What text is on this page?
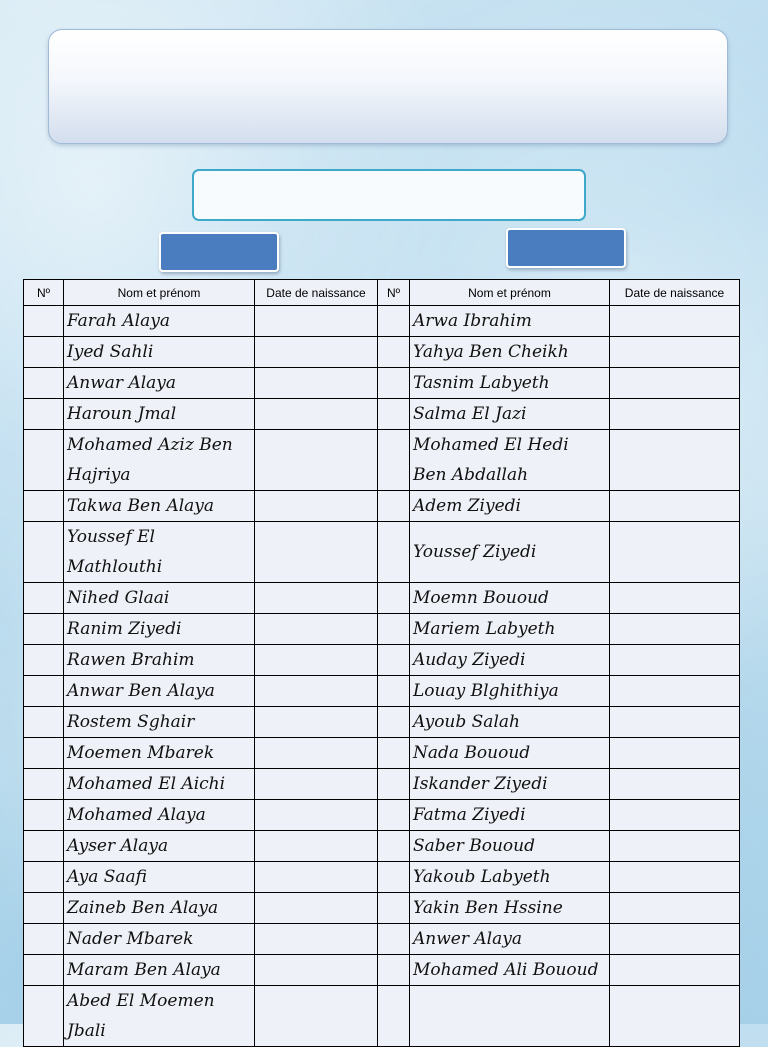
Nº	Nom et prénom	Date de naissance	Nº	Nom et prénom	Date de naissance
	Farah Alaya			Arwa Ibrahim	
	Iyed Sahli			Yahya Ben Cheikh	
	Anwar Alaya			Tasnim Labyeth	
	Haroun Jmal			Salma El Jazi	
	Mohamed Aziz Ben Hajriya			Mohamed El Hedi Ben Abdallah	
	Takwa Ben Alaya			Adem Ziyedi	
	Youssef El Mathlouthi			Youssef Ziyedi	
	Nihed Glaai			Moemn Bououd	
	Ranim Ziyedi			Mariem Labyeth	
	Rawen Brahim			Auday Ziyedi	
	Anwar Ben Alaya			Louay Blghithiya	
	Rostem Sghair			Ayoub Salah	
	Moemen Mbarek			Nada Bououd	
	Mohamed El Aichi			Iskander Ziyedi	
	Mohamed Alaya			Fatma Ziyedi	
	Ayser Alaya			Saber Bououd	
	Aya Saafi			Yakoub Labyeth	
	Zaineb Ben Alaya			Yakin Ben Hssine	
	Nader Mbarek			Anwer Alaya	
	Maram Ben Alaya			Mohamed Ali Bououd	
	Abed El Moemen Jbali				
